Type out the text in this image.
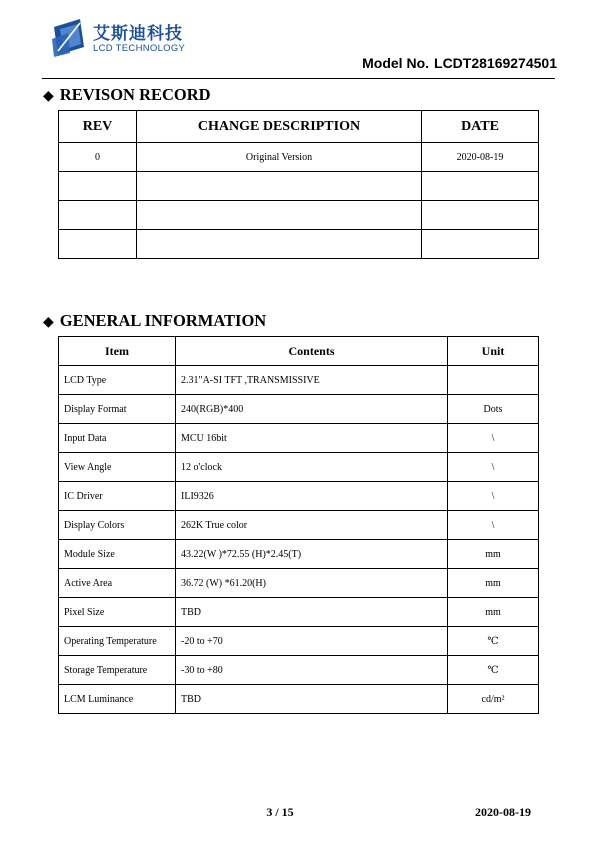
艾斯迪科技
LCD TECHNOLOGY
Model No. LCDT28169274501
◆ REVISON RECORD
REV	CHANGE DESCRIPTION	DATE
0	Original Version	2020-08-19

◆ GENERAL INFORMATION
Item	Contents	Unit
LCD Type	2.31"A-SI TFT ,TRANSMISSIVE	
Display Format	240(RGB)*400	Dots
Input Data	MCU 16bit	\
View Angle	12 o'clock	\
IC Driver	ILI9326	\
Display Colors	262K True color	\
Module Size	43.22(W )*72.55 (H)*2.45(T)	mm
Active Area	36.72 (W) *61.20(H)	mm
Pixel Size	TBD	mm
Operating Temperature	-20 to +70	℃
Storage Temperature	-30 to +80	℃
LCM Luminance	TBD	cd/m²
3 / 15	2020-08-19
